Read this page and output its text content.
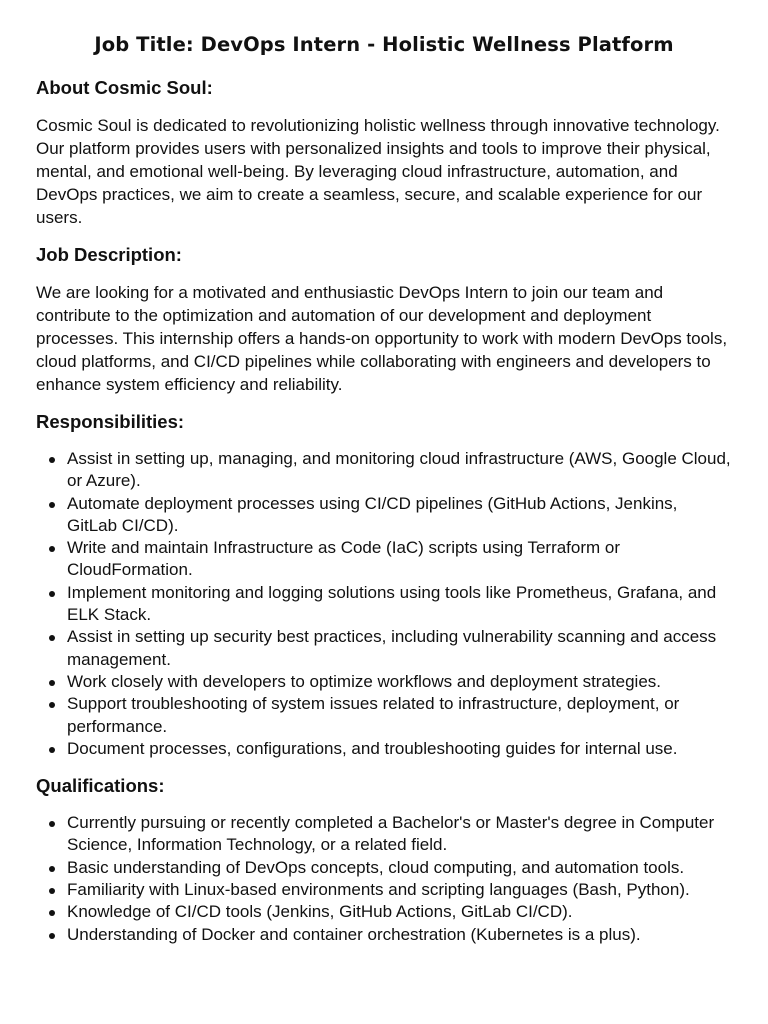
Job Title: DevOps Intern - Holistic Wellness Platform
About Cosmic Soul:

Cosmic Soul is dedicated to revolutionizing holistic wellness through innovative technology. Our platform provides users with personalized insights and tools to improve their physical, mental, and emotional well-being. By leveraging cloud infrastructure, automation, and DevOps practices, we aim to create a seamless, secure, and scalable experience for our users.

Job Description:

We are looking for a motivated and enthusiastic DevOps Intern to join our team and contribute to the optimization and automation of our development and deployment processes. This internship offers a hands-on opportunity to work with modern DevOps tools, cloud platforms, and CI/CD pipelines while collaborating with engineers and developers to enhance system efficiency and reliability.

Responsibilities:
Assist in setting up, managing, and monitoring cloud infrastructure (AWS, Google Cloud, or Azure).
Automate deployment processes using CI/CD pipelines (GitHub Actions, Jenkins, GitLab CI/CD).
Write and maintain Infrastructure as Code (IaC) scripts using Terraform or CloudFormation.
Implement monitoring and logging solutions using tools like Prometheus, Grafana, and ELK Stack.
Assist in setting up security best practices, including vulnerability scanning and access management.
Work closely with developers to optimize workflows and deployment strategies.
Support troubleshooting of system issues related to infrastructure, deployment, or performance.
Document processes, configurations, and troubleshooting guides for internal use.
Qualifications:
Currently pursuing or recently completed a Bachelor's or Master's degree in Computer Science, Information Technology, or a related field.
Basic understanding of DevOps concepts, cloud computing, and automation tools.
Familiarity with Linux-based environments and scripting languages (Bash, Python).
Knowledge of CI/CD tools (Jenkins, GitHub Actions, GitLab CI/CD).
Understanding of Docker and container orchestration (Kubernetes is a plus).
